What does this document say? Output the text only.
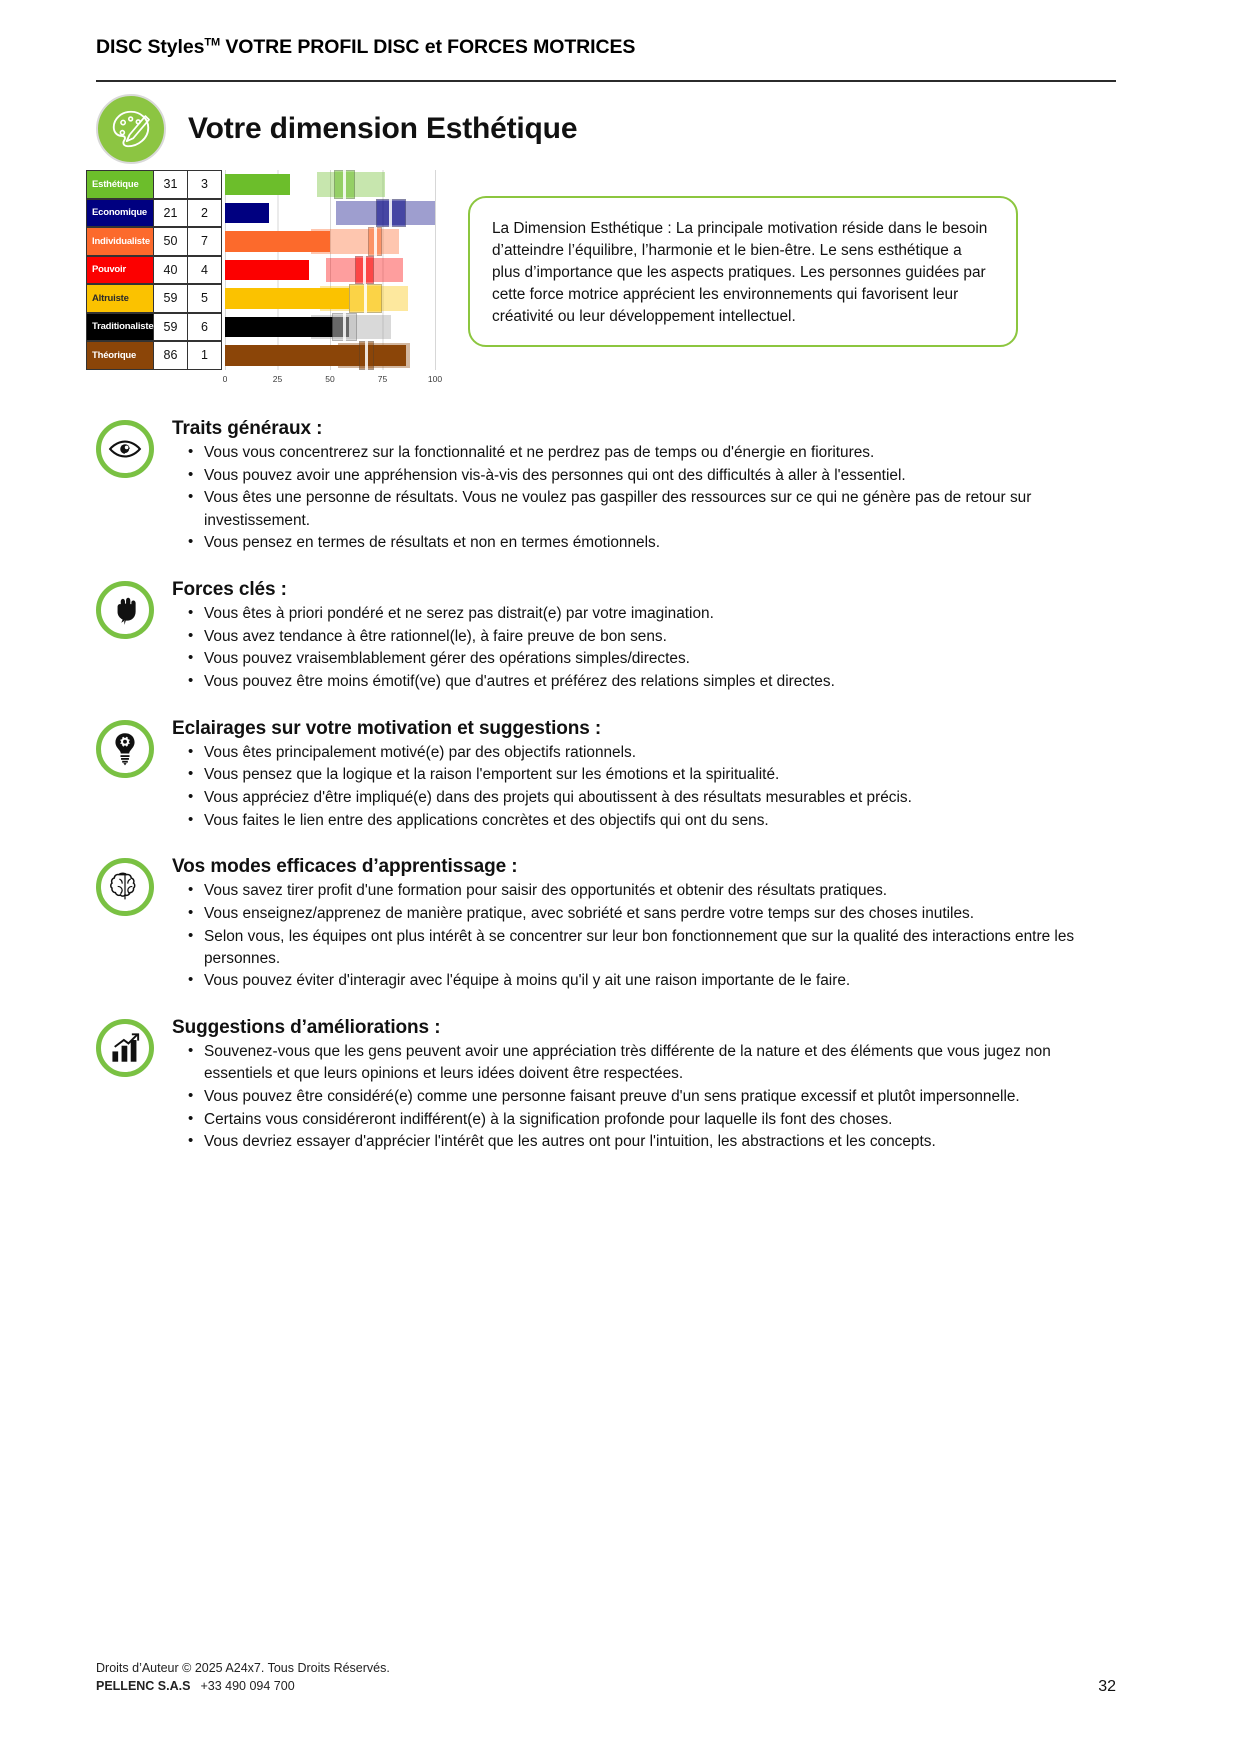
DISC Styles™ VOTRE PROFIL DISC et FORCES MOTRICES
Votre dimension Esthétique
Esthétique	31	3
Economique	21	2
Individualiste	50	7
Pouvoir	40	4
Altruiste	59	5
Traditionaliste 59	6
Théorique	86	1
0	25	50	75	100

La Dimension Esthétique : La principale motivation réside dans le besoin d’atteindre l’équilibre, l’harmonie et le bien-être. Le sens esthétique a plus d’importance que les aspects pratiques. Les personnes guidées par cette force motrice apprécient les environnements qui favorisent leur créativité ou leur développement intellectuel.

Traits généraux :
• Vous vous concentrerez sur la fonctionnalité et ne perdrez pas de temps ou d'énergie en fioritures.
• Vous pouvez avoir une appréhension vis-à-vis des personnes qui ont des difficultés à aller à l'essentiel.
• Vous êtes une personne de résultats. Vous ne voulez pas gaspiller des ressources sur ce qui ne génère pas de retour sur investissement.
• Vous pensez en termes de résultats et non en termes émotionnels.
Forces clés :
• Vous êtes à priori pondéré et ne serez pas distrait(e) par votre imagination.
• Vous avez tendance à être rationnel(le), à faire preuve de bon sens.
• Vous pouvez vraisemblablement gérer des opérations simples/directes.
• Vous pouvez être moins émotif(ve) que d'autres et préférez des relations simples et directes.
Eclairages sur votre motivation et suggestions :
• Vous êtes principalement motivé(e) par des objectifs rationnels.
• Vous pensez que la logique et la raison l'emportent sur les émotions et la spiritualité.
• Vous appréciez d'être impliqué(e) dans des projets qui aboutissent à des résultats mesurables et précis.
• Vous faites le lien entre des applications concrètes et des objectifs qui ont du sens.
Vos modes efficaces d’apprentissage :
• Vous savez tirer profit d'une formation pour saisir des opportunités et obtenir des résultats pratiques.
• Vous enseignez/apprenez de manière pratique, avec sobriété et sans perdre votre temps sur des choses inutiles.
• Selon vous, les équipes ont plus intérêt à se concentrer sur leur bon fonctionnement que sur la qualité des interactions entre les personnes.
• Vous pouvez éviter d'interagir avec l'équipe à moins qu'il y ait une raison importante de le faire.
Suggestions d’améliorations :
• Souvenez-vous que les gens peuvent avoir une appréciation très différente de la nature et des éléments que vous jugez non essentiels et que leurs opinions et leurs idées doivent être respectées.
• Vous pouvez être considéré(e) comme une personne faisant preuve d'un sens pratique excessif et plutôt impersonnelle.
• Certains vous considéreront indifférent(e) à la signification profonde pour laquelle ils font des choses.
• Vous devriez essayer d'apprécier l'intérêt que les autres ont pour l'intuition, les abstractions et les concepts.
Droits d’Auteur © 2025 A24x7. Tous Droits Réservés.
PELLENC S.A.S +33 490 094 700	32
